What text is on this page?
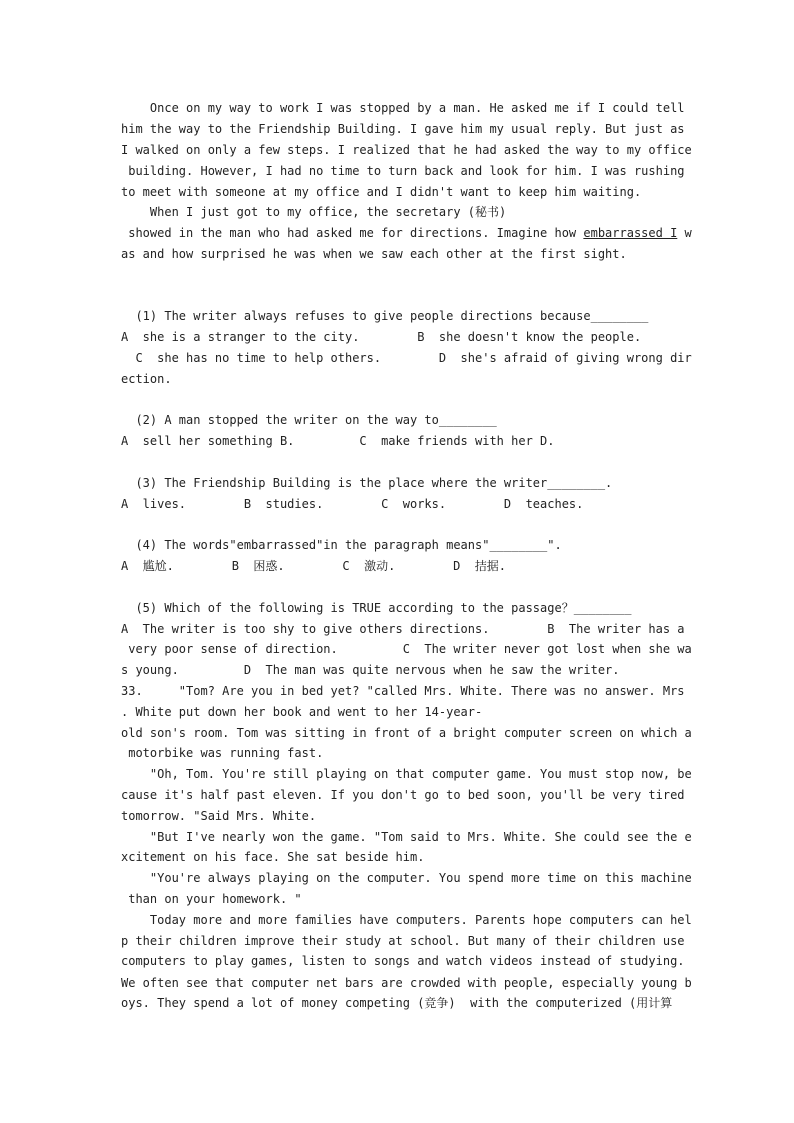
Once on my way to work I was stopped by a man. He asked me if I could tell
him the way to the Friendship Building. I gave him my usual reply. But just as
I walked on only a few steps. I realized that he had asked the way to my office
building. However, I had no time to turn back and look for him. I was rushing
to meet with someone at my office and I didn't want to keep him waiting.
When I just got to my office, the secretary (秘书)
showed in the man who had asked me for directions. Imagine how embarrassed I w
as and how surprised he was when we saw each other at the first sight.
(1) The writer always refuses to give people directions because________
A  she is a stranger to the city.        B  she doesn't know the people.
C  she has no time to help others.        D  she's afraid of giving wrong dir
ection.
(2) A man stopped the writer on the way to________
A  sell her something B.         C  make friends with her D.
(3) The Friendship Building is the place where the writer________.
A  lives.        B  studies.        C  works.        D  teaches.
(4) The words"embarrassed"in the paragraph means"________".
A  尴尬.        B  困惑.        C  激动.        D  拮据.
(5) Which of the following is TRUE according to the passage？________
A  The writer is too shy to give others directions.        B  The writer has a
very poor sense of direction.         C  The writer never got lost when she wa
s young.         D  The man was quite nervous when he saw the writer.
33.     "Tom? Are you in bed yet? "called Mrs. White. There was no answer. Mrs
. White put down her book and went to her 14-year-
old son's room. Tom was sitting in front of a bright computer screen on which a
motorbike was running fast.
"Oh, Tom. You're still playing on that computer game. You must stop now, be
cause it's half past eleven. If you don't go to bed soon, you'll be very tired
tomorrow. "Said Mrs. White.
"But I've nearly won the game. "Tom said to Mrs. White. She could see the e
xcitement on his face. She sat beside him.
"You're always playing on the computer. You spend more time on this machine
than on your homework. "
Today more and more families have computers. Parents hope computers can hel
p their children improve their study at school. But many of their children use
computers to play games, listen to songs and watch videos instead of studying.
We often see that computer net bars are crowded with people, especially young b
oys. They spend a lot of money competing (竞争)  with the computerized (用计算
